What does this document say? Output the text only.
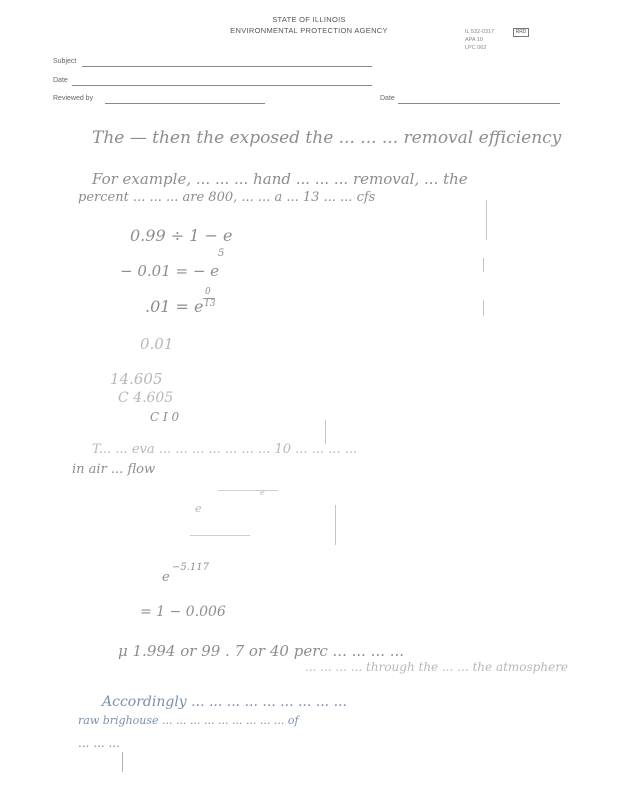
STATE OF ILLINOIS
ENVIRONMENTAL PROTECTION AGENCY	IL 532-0317
APA 10
LPC 062
RRD
Subject
Date
Reviewed by	Date
The — then the exposed the ... ... ... removal efficiency
For example, ... ... ... hand ... ... ... removal, ... the
percent ... ... ... are 800, ... ... a ... 13 ... ... cfs
0.99 ÷ 1 − e
− 0.01 = − e
5
.01 = e
0
13
0.01
14.605
C 4.605
C I 0
T... ... eva ... ... ... ... ... ... ... 10 ... ... ... ...
in air ... flow
e
e
e
−5.117
= 1 − 0.006
μ 1.994 or 99 . 7 or 40 perc ... ... ... ...
... ... ... ... through the ... ... the atmosphere
Accordingly ... ... ... ... ... ... ... ... ...
raw brighouse ... ... ... ... ... ... ... ... ... of
... ... ...
